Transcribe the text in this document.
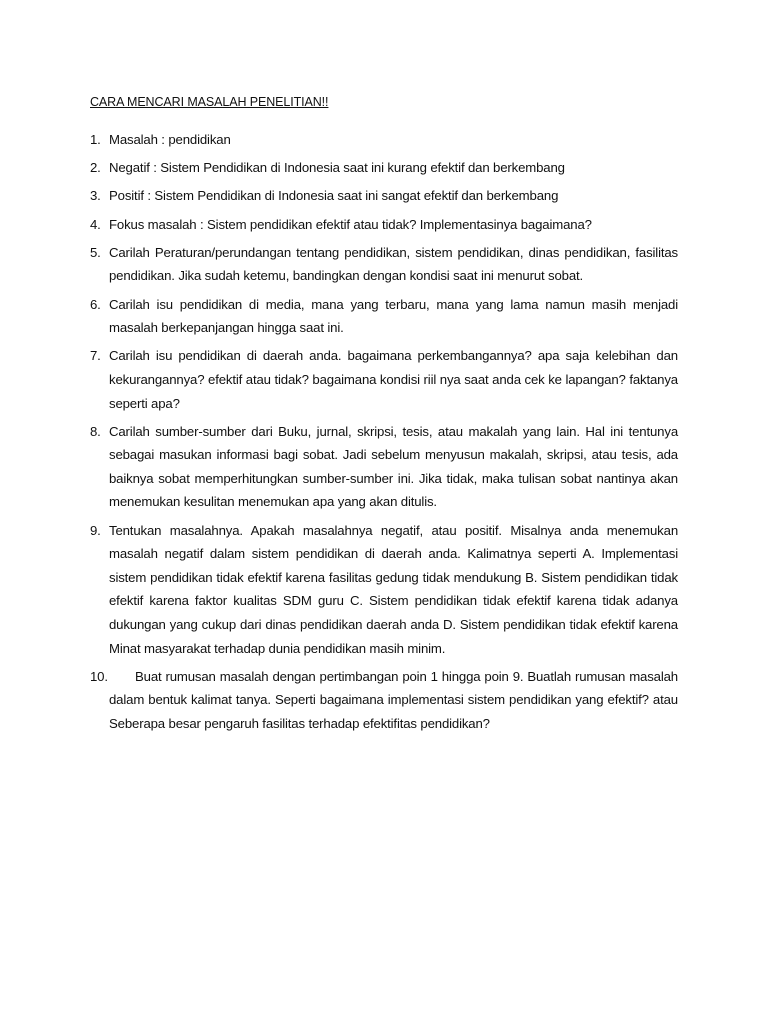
CARA MENCARI MASALAH PENELITIAN!!
1. Masalah : pendidikan
2. Negatif : Sistem Pendidikan di Indonesia saat ini kurang efektif dan berkembang
3. Positif : Sistem Pendidikan di Indonesia saat ini sangat efektif dan berkembang
4. Fokus masalah : Sistem pendidikan efektif atau tidak? Implementasinya bagaimana?
5. Carilah Peraturan/perundangan tentang pendidikan, sistem pendidikan, dinas pendidikan, fasilitas pendidikan. Jika sudah ketemu, bandingkan dengan kondisi saat ini menurut sobat.
6. Carilah isu pendidikan di media, mana yang terbaru, mana yang lama namun masih menjadi masalah berkepanjangan hingga saat ini.
7. Carilah isu pendidikan di daerah anda. bagaimana perkembangannya? apa saja kelebihan dan kekurangannya? efektif atau tidak? bagaimana kondisi riil nya saat anda cek ke lapangan? faktanya seperti apa?
8. Carilah sumber-sumber dari Buku, jurnal, skripsi, tesis, atau makalah yang lain. Hal ini tentunya sebagai masukan informasi bagi sobat. Jadi sebelum menyusun makalah, skripsi, atau tesis, ada baiknya sobat memperhitungkan sumber-sumber ini. Jika tidak, maka tulisan sobat nantinya akan menemukan kesulitan menemukan apa yang akan ditulis.
9. Tentukan masalahnya. Apakah masalahnya negatif, atau positif. Misalnya anda menemukan masalah negatif dalam sistem pendidikan di daerah anda. Kalimatnya seperti A. Implementasi sistem pendidikan tidak efektif karena fasilitas gedung tidak mendukung B. Sistem pendidikan tidak efektif karena faktor kualitas SDM guru C. Sistem pendidikan tidak efektif karena tidak adanya dukungan yang cukup dari dinas pendidikan daerah anda D. Sistem pendidikan tidak efektif karena Minat masyarakat terhadap dunia pendidikan masih minim.
10.	Buat rumusan masalah dengan pertimbangan poin 1 hingga poin 9. Buatlah rumusan masalah dalam bentuk kalimat tanya. Seperti bagaimana implementasi sistem pendidikan yang efektif? atau Seberapa besar pengaruh fasilitas terhadap efektifitas pendidikan?
